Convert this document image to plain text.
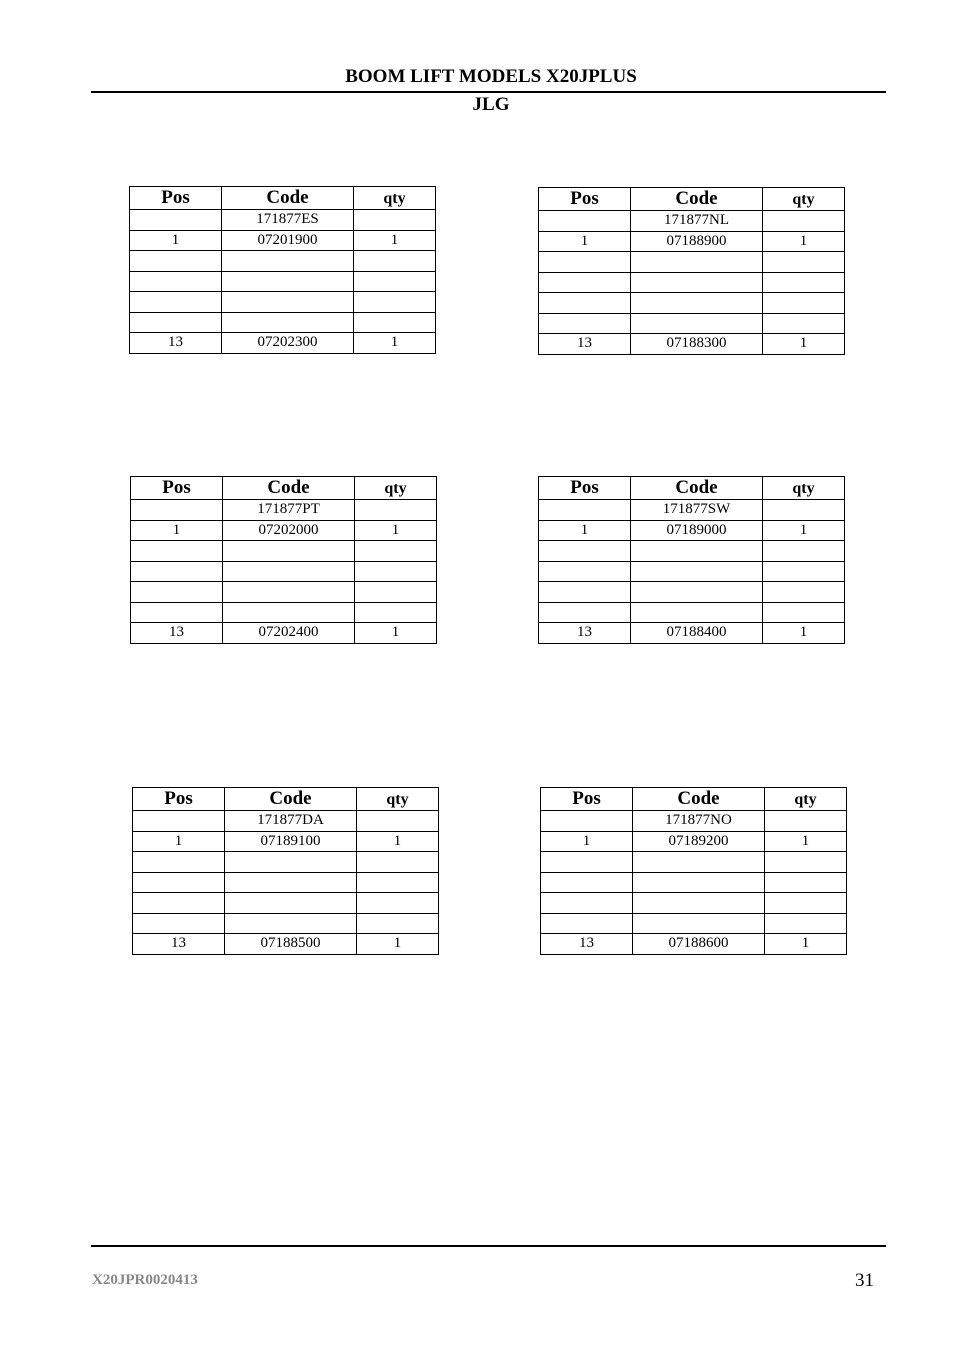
BOOM LIFT MODELS X20JPLUS
JLG
Pos	Code	qty
	171877ES	
1	07201900	1

13	07202300	1
Pos	Code	qty
	171877NL	
1	07188900	1

13	07188300	1
Pos	Code	qty
	171877PT	
1	07202000	1

13	07202400	1
Pos	Code	qty
	171877SW	
1	07189000	1

13	07188400	1
Pos	Code	qty
	171877DA	
1	07189100	1

13	07188500	1
Pos	Code	qty
	171877NO	
1	07189200	1

13	07188600	1
X20JPR0020413	31
